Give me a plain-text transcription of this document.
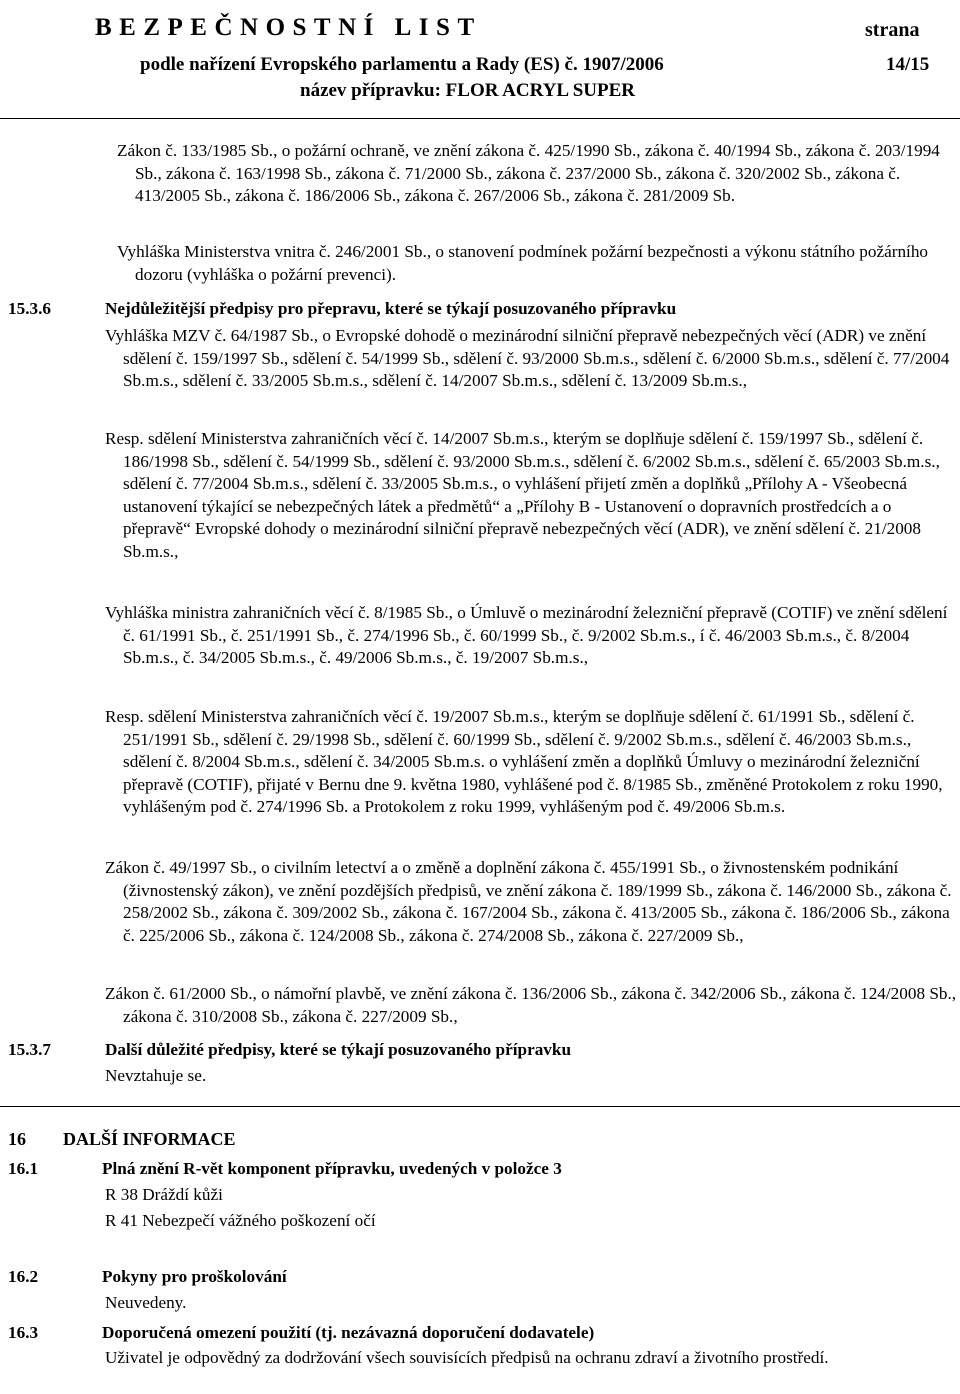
BEZPEČNOSTNÍ LIST	strana
podle nařízení Evropského parlamentu a Rady (ES) č. 1907/2006	14/15
název přípravku: FLOR ACRYL SUPER
Zákon č. 133/1985 Sb., o požární ochraně, ve znění zákona č. 425/1990 Sb., zákona č. 40/1994 Sb., zákona č. 203/1994 Sb., zákona č. 163/1998 Sb., zákona č. 71/2000 Sb., zákona č. 237/2000 Sb., zákona č. 320/2002 Sb., zákona č. 413/2005 Sb., zákona č. 186/2006 Sb., zákona č. 267/2006 Sb., zákona č. 281/2009 Sb.
Vyhláška Ministerstva vnitra č. 246/2001 Sb., o stanovení podmínek požární bezpečnosti a výkonu státního požárního dozoru (vyhláška o požární prevenci).
15.3.6	Nejdůležitější předpisy pro přepravu, které se týkají posuzovaného přípravku
Vyhláška MZV č. 64/1987 Sb., o Evropské dohodě o mezinárodní silniční přepravě nebezpečných věcí (ADR) ve znění sdělení č. 159/1997 Sb., sdělení č. 54/1999 Sb., sdělení č. 93/2000 Sb.m.s., sdělení č. 6/2000 Sb.m.s., sdělení č. 77/2004 Sb.m.s., sdělení č. 33/2005 Sb.m.s., sdělení č. 14/2007 Sb.m.s., sdělení č. 13/2009 Sb.m.s.,
Resp. sdělení Ministerstva zahraničních věcí č. 14/2007 Sb.m.s., kterým se doplňuje sdělení č. 159/1997 Sb., sdělení č. 186/1998 Sb., sdělení č. 54/1999 Sb., sdělení č. 93/2000 Sb.m.s., sdělení č. 6/2002 Sb.m.s., sdělení č. 65/2003 Sb.m.s., sdělení č. 77/2004 Sb.m.s., sdělení č. 33/2005 Sb.m.s., o vyhlášení přijetí změn a doplňků „Přílohy A - Všeobecná ustanovení týkající se nebezpečných látek a předmětů“ a „Přílohy B - Ustanovení o dopravních prostředcích a o přepravě“ Evropské dohody o mezinárodní silniční přepravě nebezpečných věcí (ADR), ve znění sdělení č. 21/2008 Sb.m.s.,
Vyhláška ministra zahraničních věcí č. 8/1985 Sb., o Úmluvě o mezinárodní železniční přepravě (COTIF) ve znění sdělení č. 61/1991 Sb., č. 251/1991 Sb., č. 274/1996 Sb., č. 60/1999 Sb., č. 9/2002 Sb.m.s., í č. 46/2003 Sb.m.s., č. 8/2004 Sb.m.s., č. 34/2005 Sb.m.s., č. 49/2006 Sb.m.s., č. 19/2007 Sb.m.s.,
Resp. sdělení Ministerstva zahraničních věcí č. 19/2007 Sb.m.s., kterým se doplňuje sdělení č. 61/1991 Sb., sdělení č. 251/1991 Sb., sdělení č. 29/1998 Sb., sdělení č. 60/1999 Sb., sdělení č. 9/2002 Sb.m.s., sdělení č. 46/2003 Sb.m.s., sdělení č. 8/2004 Sb.m.s., sdělení č. 34/2005 Sb.m.s. o vyhlášení změn a doplňků Úmluvy o mezinárodní železniční přepravě (COTIF), přijaté v Bernu dne 9. května 1980, vyhlášené pod č. 8/1985 Sb., změněné Protokolem z roku 1990, vyhlášeným pod č. 274/1996 Sb. a Protokolem z roku 1999, vyhlášeným pod č. 49/2006 Sb.m.s.
Zákon č. 49/1997 Sb., o civilním letectví a o změně a doplnění zákona č. 455/1991 Sb., o živnostenském podnikání (živnostenský zákon), ve znění pozdějších předpisů, ve znění zákona č. 189/1999 Sb., zákona č. 146/2000 Sb., zákona č. 258/2002 Sb., zákona č. 309/2002 Sb., zákona č. 167/2004 Sb., zákona č. 413/2005 Sb., zákona č. 186/2006 Sb., zákona č. 225/2006 Sb., zákona č. 124/2008 Sb., zákona č. 274/2008 Sb., zákona č. 227/2009 Sb.,
Zákon č. 61/2000 Sb., o námořní plavbě, ve znění zákona č. 136/2006 Sb., zákona č. 342/2006 Sb., zákona č. 124/2008 Sb., zákona č. 310/2008 Sb., zákona č. 227/2009 Sb.,
15.3.7	Další důležité předpisy, které se týkají posuzovaného přípravku
Nevztahuje se.
16 DALŠÍ INFORMACE
16.1	Plná znění R-vět komponent přípravku, uvedených v položce 3
R 38 Dráždí kůži
R 41 Nebezpečí vážného poškození očí
16.2	Pokyny pro proškolování
Neuvedeny.
16.3	Doporučená omezení použití (tj. nezávazná doporučení dodavatele)
Uživatel je odpovědný za dodržování všech souvisících předpisů na ochranu zdraví a životního prostředí.
